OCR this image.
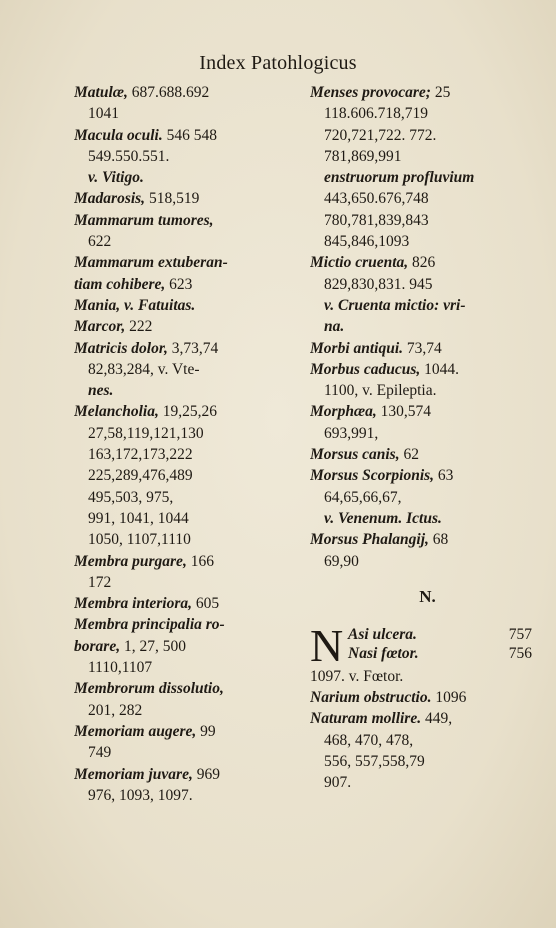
Index Patohlogicus
Matulæ, 687.688.692
1041
Macula oculi. 546 548
549.550.551.
v. Vitigo.
Madarosis, 518,519
Mammarum tumores,
622
Mammarum extuberan-
tiam cohibere, 623
Mania, v. Fatuitas.
Marcor, 222
Matricis dolor, 3,73,74
82,83,284, v. Vte-
nes.
Melancholia, 19,25,26
27,58,119,121,130
163,172,173,222
225,289,476,489
495,503, 975,
991, 1041, 1044
1050, 1107,1110
Membra purgare, 166
172
Membra interiora, 605
Membra principalia ro-
borare, 1, 27, 500
1110,1107
Membrorum dissolutio,
201, 282
Memoriam augere, 99
749
Memoriam juvare, 969
976, 1093, 1097.
Menses provocare; 25
118.606.718,719
720,721,722. 772.
781,869,991
enstruorum profluvium
443,650.676,748
780,781,839,843
845,846,1093
Mictio cruenta, 826
829,830,831. 945
v. Cruenta mictio: vri-
na.
Morbi antiqui. 73,74
Morbus caducus, 1044.
1100, v. Epileptia.
Morphæa, 130,574
693,991,
Morsus canis, 62
Morsus Scorpionis, 63
64,65,66,67,
v. Venenum. Ictus.
Morsus Phalangij, 68
69,90
N.
N Asi ulcera.	757
Nasi fœtor.	756
1097. v. Fœtor.
Narium obstructio. 1096
Naturam mollire. 449,
468, 470, 478,
556, 557,558,79
907.
